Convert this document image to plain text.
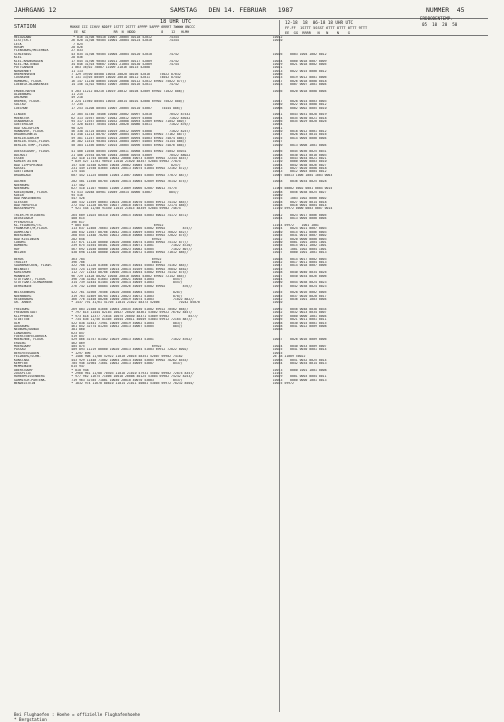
JAHRGANG 12	SAMSTAG   DEN 14. FEBRUAR   1987	NUMMER  45
18 UHR UTC
STATION	MOKKE III IIHVV NDDFF 1STTT 2STTT 4PPPP 5APPP 6RRRT 7WWWW 8NCCC
EE  NI              RR  N  NDDD             8    12   HLMH
12-18  18  06-18 18 UHR UTC
ERDBODENTEMP.
05  10  20  50
FF-FF  1STTT 5SSST 6TTT 8TTT 0TTT 9TTT
EE  GG  RRRR   N   N    N    G
HELGOLAND	* 016 31/08 90410 10007 20005 40118 52012         74344	10012
LIST/SYLT	26 020 31/08 90505 10001 20004 40124 52010         74344	10010
LECK	7 025
HUSUM	28 026
FLENSBURG/MEIERWIK	27 033
SCHLESWIG	43 035 31/08 90505 10004 20004 40120 52010         74742	10026    0003 1004 1002 0012
KIEL	28 036
KIEL-KRONSHAGEN	17 045 31/06 90503 10011 20009 40117 52009         74742	10034    0000 0018 0007 0009
KIEL-HOLTENAU	34 046 31/03 90607 10001 21004 40130 52009         74744	10029    0021 0018 0002 0005
PUTTGARDEN	1 063 36/02 70007 11009 21016 40115 52008	10021
NORDERNEY	11 113	10013    0022 0015 0000 0012
BREMERHAVEN	7 129 39/00 80508 10034 20020 40105 52010     75022 87032	10046
CUXHAVEN	5 131 33/05 80509 10020 20018 40112 52011     74042 87442	10023    0019 0012 0001 0006
HAMBURG, FLUGH.	16 147 11230 80605 10020 20008 40112 52012 69902 75022 877//	10047    0026 0018 0008 0018
LUEBECK-BLANKENSEE	14 156 31/02 90603 10007 20004 40116 52011         74742	10023    0007 0007 1001 0004
EMDEN-HAFEN	5 203 11212 80210 10019 20012 40104 52009 69902 71022 886//	10036    0020 0018 0008 0004
OLDENBURG	11 215
AHLHORN	49 218
BREMEN, FLUGH.	3 224 11940 80504 10035 20014 40101 52008 69902 75022 880//	10047    0028 0014 0003 0003
SOLTAU	77 235	10040    0022 0014 0008 0012
LUECHOW	17 253 31208 80504 10007 20005 40110 53007     74444 886//	10008    0002 0002 0005 0010
LINGEN	22 305 41740 70406 10040 20002 40097 52010         70522 87532	10041    0043 0031 0028 0019
MUENSTER	62 313 31957 80507 10042 20012 40079 53008         71022 85032	10054    0035 0030 0021 0018
OSNABRUECK	95 317 11937 80604 10032 20008 40093 52009 69902 71042 880//	10056    0035 0029 0020 0026
GUETERSLOH	72 320 81557 70504 10043 20020 40086 53011         71022 876//	10054
BAD SALZUFLEN	98 325	10041
HANNOVER, FLUGH.	56 338 31725 80404 10019 20012 40099 53008         71022 8257/	10040    0018 0012 0001 0012
BRAUNSCHWEIG	81 348 11213 80707 10009 20004 40097 52004 69902 77162 8877/	10047    0028 0023 0014 0016
BERLIN-DAHLEM	59 381 11257 80504 10014 20009 40094 54003 69902 74074 886//	10025    0014 0005 0000 0004
BERLIN-TEGEL,FLUGH.	36 382 11515 90304 10014 20004 40097 54005 69902 74144 886//	10027
BERLIN-TEMP.,FLUGH.	50 384 11356 80607 10015 20005 40096 55005 69902 74876 886//	10020    0013 0008 1001 0004
DUESSELDORF, FLUGH.	41 400 11658 80505 10050 20011 40068 53004 69902 74042 85031	10056    0045 0036 0025 0031
BOCHOLT	21 406 21934 80706 10044 20006 40078 53009         70522 88022	10048    0030 0023 0010 0003
ESSEN	152 410 11754 80508 10042 20008 40073 53009 69902 72344 8457/	10053    0043 0034 0021 0021
KAHLER ASTEN	* 839 427 11701 90910 11018 21020 48357 52004 69902 77874	11010    0000 0000 0003 0010
BAD LIPPSPRINGE	157 430 32340 82005 10038 20002 40085 53007         8257/	10054    0042 0038 0026 0027
KASSEL	231 449 11930 83605 10034 20013 40075 51004 69902 72162 872//	10043    0027 0020 0008 0018
GOETTINGEN	175 444	10043    0012 0003 0004 0012
BRAUNLAGE	607 452 11225 80806 11004 21007 40085 53005 69902 77072 887//	10007 50013 1006 1004 1003 0003
AACHEN	202 501 11556 80705 10030 20014 40064 52009 69902 76142 875//	10048    0036 0034 0025 0028
NUERBURG	117 502
NUERBURG	627 510 11107 90804 11006 21009 40066 52007 60012 7577x	11005 50002 0002 0001 0004 0015
KOELN/BONN, FLUGH.	91 513 32048 80901 10049 20014 40066 53007         885//	10058    0056 0038 0025 0027
KOELN	95 516	10040
BAD MARIENBERG	547 526	10103    1003 1002 0000 0002
GIESSEN	186 532 11559 80603 10024 20010 40070 53005 69912 74142 885//	10028    0027 0020 0014 0018
BAD HERSFELD	272 542 11220 80705 10027 20010 40074 53005 69902 72174 886//	10028    0016 0001 0004 0014
WASSERKUPPE	* 921 544 11/00 91450 11015 21015 48359 52004 69902 74674	11010 59972 0000 0003 0007 0014
TRIER-PETRISBERG	265 609 11025 80310 10035 20015 40048 53003 60022 74172 8572/	10042    0023 0017 0006 0005
DEUSELBACH	480 615	10034    0013 0005 0000 0004
PFERDSFELD	396 617
KL.FELDBERG/TS.	* 805 635                                  69922	11014 59972    1001 1001
FRANKFURT/M,FLUGH.	113 637 12460 70603 10039 20013 40066 53002 69902         875//	10024    0024 0021 0007 0003
DARMSTADT	108 642 11657 80706 10042 20014 40059 53004 69912 76022 852//	10040    0015 0011 0006 0003
WUERZBURG	268 655 11448 70204 10022 20010 40068 53003 69902 72022 875//	10035    0031 0015 0007 0002
BAD KISSINGEN	282 658                                   69922	10022    0020 0000 0000 0003
COBURG	337 671 11128 80000 10020 20008 40074 51004 69902 75132 877//	10030    0001 1001 1004 1001
BAMBERG	239 675 31554 80401 10020 20014 40071 51001         71022 8720/	10035    0015 0011 1002 1001
HOF	567 692 11030 80000 10038 20023 40082 53005         71022 807//	10014    1001 1002 0004 1001
WEIDEN	438 698 11338 80000 10020 20010 40072 51004 69902 71012 886//	10027    0000 1001 1001 0013
BERUS	363 704                                   69922	10028    0014 0017 0002 0003
TROLLEY	396 706                                   60012	10032    0017 0011 0004 0013
SAARBRUECKEN, FLUGH.	322 708 11228 81606 10070 20015 40044 55003 69902 74162 885//	10047    0014 0018 0007 0006
WEINBIET	553 724 11/09 80909 10014 20014 40169 53001 69902 76842 8462/	10015
KARLSRUHE	112 727 11443 80706 10046 20014 40054 53002 69942 74142 875//	10028    0040 0040 0034 0026
MANNHEIM	96 729 11428 80202 10038 20010 40064 53002 69902 72142 885//	10027    0050 0034 0026 0006
STUTTGART, FLUGH.	396 738 32362 61603 10056 20021 40048 51004          8557/	10024
STUTTGART-SCHNARRENB	314 739 32444 81404 10070 20014 40049 51003          8557/	10050    0054 0038 0024 0023
OEHRINGEN	276 742 12560 80804 10056 20026 40049 53002 69902         876//	10075    0042 0038 0024 0023
WEISSENBURG	422 761 32560 70506 10020 20008 40064 53004          8287/	10035    0028 0016 0002 0005
NUERNBERG	319 763 32469 80704 10041 20023 40072 51003          878//	10045    0037 0020 0020 0017
REGENSBURG	366 776 31450 80206 10050 20019 40074 51003          71022 882//	10032    0036 1001 1003 0004
GR. ARBER	* 1437 791 31/61 51705 11014 21022 48373 52006          70242 85070	10010
FREIBURG	269 803 21580 81606 10064 20035 40030 51002 69922 70562 868//	10092    0056 0048 0038 0034
FREUDENSTADT	* 797 815 11444 82103 10027 20020 48361 53002 69922 76762 8457/	10032    0032 0023 0034 0007
KLIPPENECK	* 973 818 12377 71634 10075 20050 48371 53009 69902          8577/	10029    0000 0000 1001 0004
STOETTEN	* 734 836 11/56 81405 10044 20011 40049 53003 69912 72164 887//	10026    0021 0011 0001 0011
ULM	522 838 32441 71901 10049 20019 40062 51004          883//	10058    0030 0015 0001 0015
AUGSBURG	461 852 32774 81205 10052 20013 40067 53005          885//	10028    0041 0022 0009 0008
NEUBURG/DONAU	381 860	10038
LANDSBERG	623 857
FUERSTENFELDBRUCK	519 857
MUENCHEN, FLUGH.	529 866 31757 81402 10029 20013 40063 51001         71022 8762/	10037    0026 0016 0009 0006
ERDING	462 869
MUEHLDORF	405 875                                   69922	10024    0040 0033 0009 0007
PASSAU	409 893 11219 80000 10020 20013 40064 51003 69912 72022 8002/	10025    0041 0030 0001 0014
BERCHTESGADEN	* 1297 896	10015
FELDBERG/SCHW.	* 1486 908 11/00 52922 11010 20016 48351 52007 69902 74182	26 38 11009 50022
KONSTANZ	443 929 11440 71002 10064 20014 40048 53005 69902 78262 8553/	10058    0051 0032 0025 0014
KEMPTEN	705 946 32984 71601 10052 20013 40059 53007          8537/	10034    0042 0034 0014 0013
MEMMINGEN	615 947
OBERSTDORF	* 810 948	10073    0000 1001 1001 0008
ZUGSPITZE	* 2960 961 11/88 70503 11018 21010 47931 55002 69902 72874 8357/	11015
HOHENPEISSENBERG	* 977 962 11675 71006 10018 20008 40125 53004 69902 75242 8253/	10029    0001 0003 0004 0011
GARMISCH-PARTENK.	719 963 32785 71801 10030 20010 40070 53003          8537/	10043    0000 0000 1001 0013
WENDELSTEIN	* 1832 974 11670 80810 11014 21011 40081 53005 69972 78232 8504/	10025 59972
Bei Flughaefen : Hoehe = offizielle Flughafenhoehe
* Bergstation
